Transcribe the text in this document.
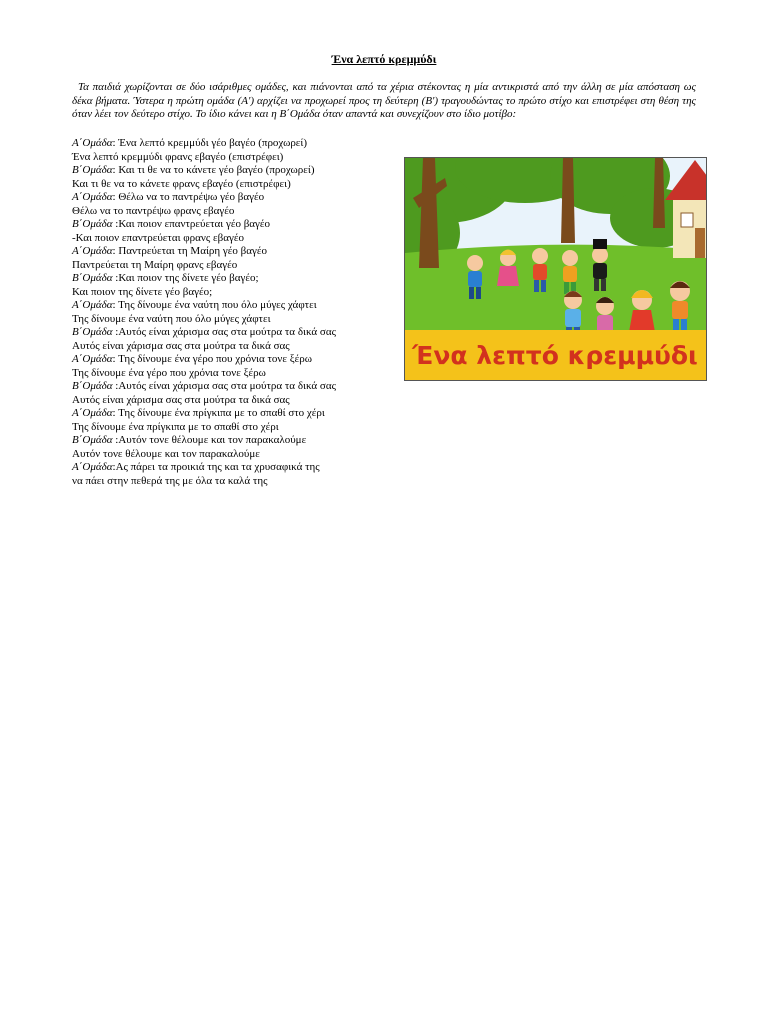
Ένα λεπτό κρεμμύδι

Τα παιδιά χωρίζονται σε δύο ισάριθμες ομάδες, και πιάνονται από τα χέρια στέκοντας η μία αντικριστά από την άλλη σε μία απόσταση ως δέκα βήματα. Ύστερα η πρώτη ομάδα (Α') αρχίζει να προχωρεί προς τη δεύτερη (Β') τραγουδώντας το πρώτο στίχο και επιστρέφει στη θέση της όταν λέει τον δεύτερο στίχο. Το ίδιο κάνει και η Β΄Ομάδα όταν απαντά και συνεχίζουν στο ίδιο μοτίβο:

Α΄Ομάδα: Ένα λεπτό κρεμμύδι γέο βαγέο (προχωρεί)
Ένα λεπτό κρεμμύδι φρανς εβαγέο (επιστρέφει)
Β΄Ομάδα: Και τι θε να το κάνετε γέο βαγέο (προχωρεί)
Και τι θε να το κάνετε φρανς εβαγέο (επιστρέφει)
Α΄Ομάδα: Θέλω να το παντρέψω γέο βαγέο
Θέλω να το παντρέψω φρανς εβαγέο
Β΄Ομάδα :Και ποιον επαντρεύεται γέο βαγέο
-Και ποιον επαντρεύεται φρανς εβαγέο
Α΄Ομάδα: Παντρεύεται τη Μαίρη γέο βαγέο
Παντρεύεται τη Μαίρη φρανς εβαγέο
Β΄Ομάδα :Και ποιον της δίνετε γέο βαγέο;
Και ποιον της δίνετε γέο βαγέο;
Α΄Ομάδα: Της δίνουμε ένα ναύτη που όλο μύγες χάφτει
Της δίνουμε ένα ναύτη που όλο μύγες χάφτει
Β΄Ομάδα :Αυτός είναι χάρισμα σας στα μούτρα τα δικά σας
Αυτός είναι χάρισμα σας στα μούτρα τα δικά σας
Α΄Ομάδα: Της δίνουμε ένα γέρο που χρόνια τονε ξέρω
Της δίνουμε ένα γέρο που χρόνια τονε ξέρω
Β΄Ομάδα :Αυτός είναι χάρισμα σας στα μούτρα τα δικά σας
Αυτός είναι χάρισμα σας στα μούτρα τα δικά σας
Α΄Ομάδα: Της δίνουμε ένα πρίγκιπα με το σπαθί στο χέρι
Της δίνουμε ένα πρίγκιπα με το σπαθί στο χέρι
Β΄Ομάδα :Αυτόν τονε θέλουμε και τον παρακαλούμε
Αυτόν τονε θέλουμε και τον παρακαλούμε
Α΄Ομάδα:Ας πάρει τα προικιά της και τα χρυσαφικά της
να πάει στην πεθερά της με όλα τα καλά της
Ένα λεπτό κρεμμύδι
